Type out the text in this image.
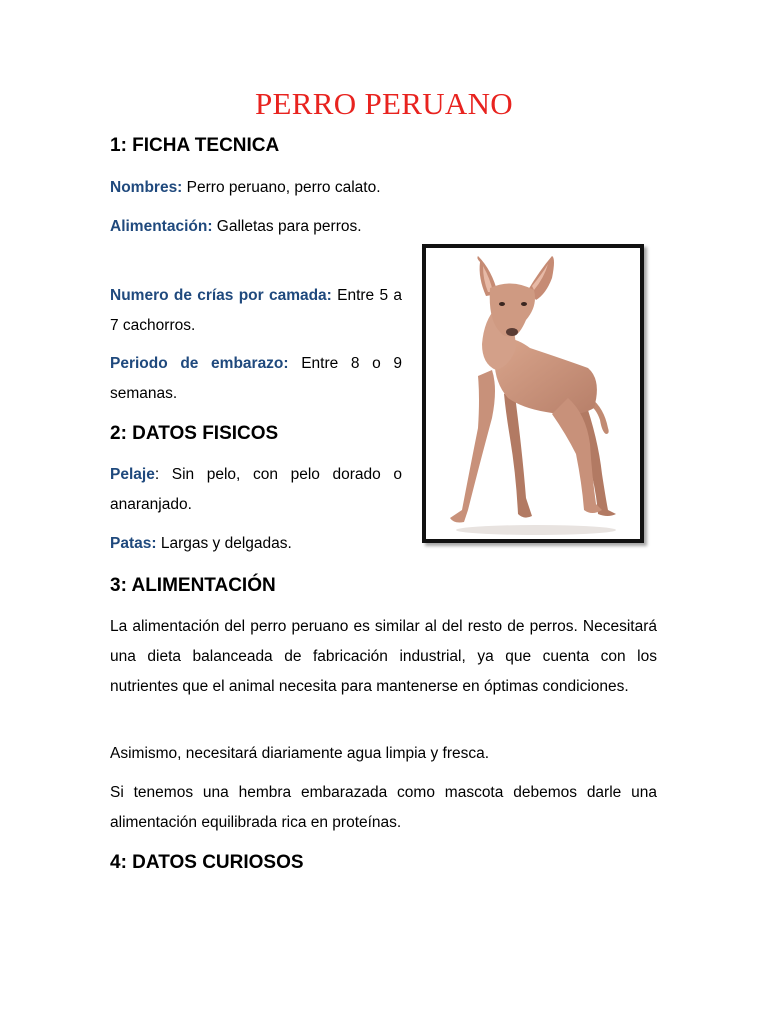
PERRO PERUANO
1: FICHA TECNICA

Nombres: Perro peruano, perro calato.

Alimentación: Galletas para perros.

Numero de crías por camada: Entre 5 a 7 cachorros.

Periodo de embarazo: Entre 8 o 9 semanas.

2: DATOS FISICOS

Pelaje: Sin pelo, con pelo dorado o anaranjado.

Patas: Largas y delgadas.

3: ALIMENTACIÓN

La alimentación del perro peruano es similar al del resto de perros. Necesitará una dieta balanceada de fabricación industrial, ya que cuenta con los nutrientes que el animal necesita para mantenerse en óptimas condiciones.

Asimismo, necesitará diariamente agua limpia y fresca.

Si tenemos una hembra embarazada como mascota debemos darle una alimentación equilibrada rica en proteínas.

4: DATOS CURIOSOS
